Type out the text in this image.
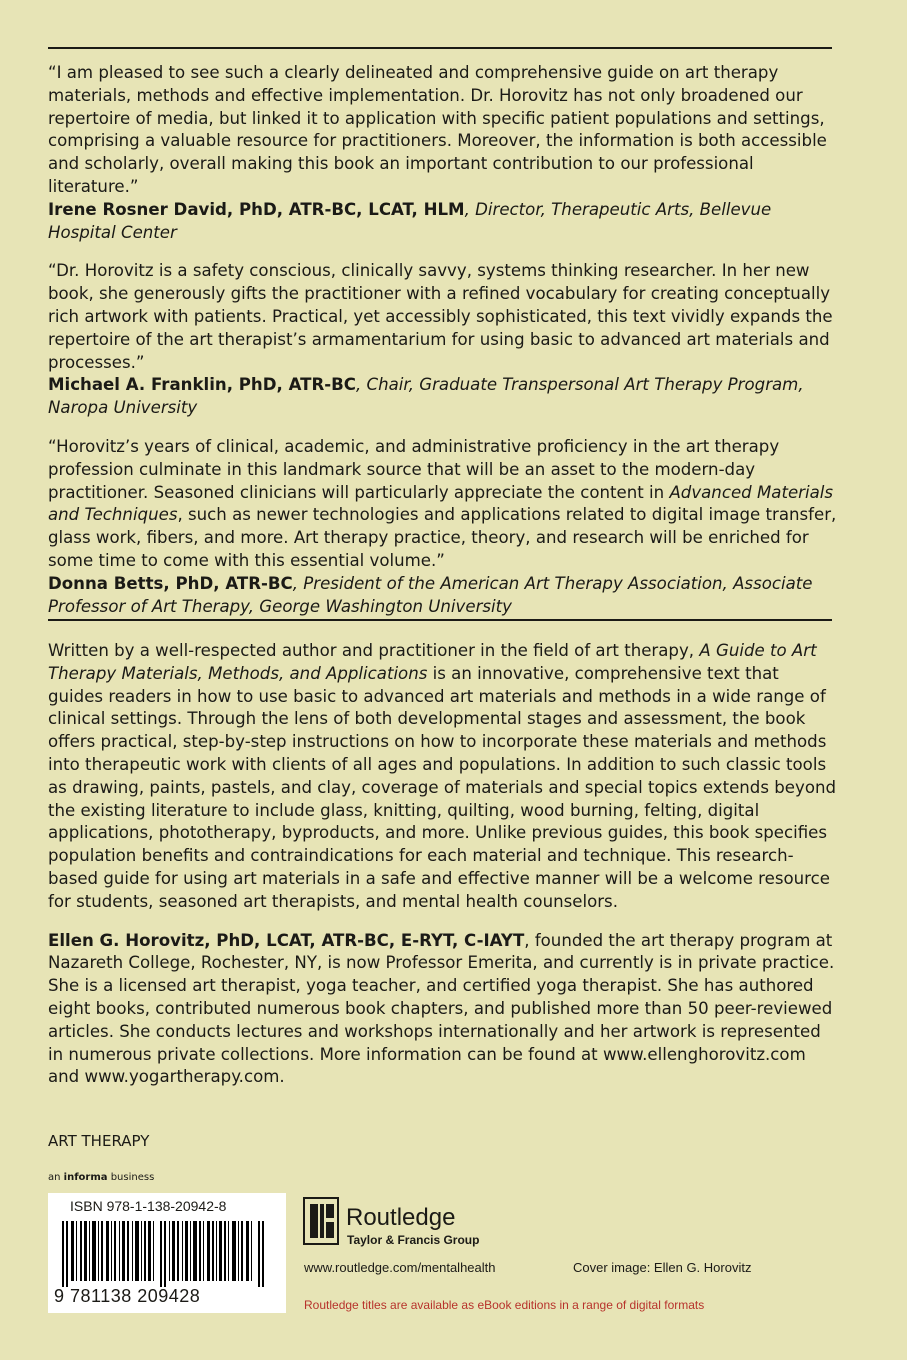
“I am pleased to see such a clearly delineated and comprehensive guide on art therapy materials, methods and effective implementation. Dr. Horovitz has not only broadened our repertoire of media, but linked it to application with specific patient populations and settings, comprising a valuable resource for practitioners. Moreover, the information is both accessible and scholarly, overall making this book an important contribution to our professional literature.”

Irene Rosner David, PhD, ATR-BC, LCAT, HLM, Director, Therapeutic Arts, Bellevue Hospital Center

“Dr. Horovitz is a safety conscious, clinically savvy, systems thinking researcher. In her new book, she generously gifts the practitioner with a refined vocabulary for creating conceptually rich artwork with patients. Practical, yet accessibly sophisticated, this text vividly expands the repertoire of the art therapist’s armamentarium for using basic to advanced art materials and processes.”

Michael A. Franklin, PhD, ATR-BC, Chair, Graduate Transpersonal Art Therapy Program, Naropa University

“Horovitz’s years of clinical, academic, and administrative proficiency in the art therapy profession culminate in this landmark source that will be an asset to the modern-day practitioner. Seasoned clinicians will particularly appreciate the content in Advanced Materials and Techniques, such as newer technologies and applications related to digital image transfer, glass work, fibers, and more. Art therapy practice, theory, and research will be enriched for some time to come with this essential volume.”

Donna Betts, PhD, ATR-BC, President of the American Art Therapy Association, Associate Professor of Art Therapy, George Washington University

Written by a well-respected author and practitioner in the field of art therapy, A Guide to Art Therapy Materials, Methods, and Applications is an innovative, comprehensive text that guides readers in how to use basic to advanced art materials and methods in a wide range of clinical settings. Through the lens of both developmental stages and assessment, the book offers practical, step-by-step instructions on how to incorporate these materials and methods into therapeutic work with clients of all ages and populations. In addition to such classic tools as drawing, paints, pastels, and clay, coverage of materials and special topics extends beyond the existing literature to include glass, knitting, quilting, wood burning, felting, digital applications, phototherapy, byproducts, and more. Unlike previous guides, this book specifies population benefits and contraindications for each material and technique. This research-based guide for using art materials in a safe and effective manner will be a welcome resource for students, seasoned art therapists, and mental health counselors.

Ellen G. Horovitz, PhD, LCAT, ATR-BC, E-RYT, C-IAYT, founded the art therapy program at Nazareth College, Rochester, NY, is now Professor Emerita, and currently is in private practice. She is a licensed art therapist, yoga teacher, and certified yoga therapist. She has authored eight books, contributed numerous book chapters, and published more than 50 peer-reviewed articles. She conducts lectures and workshops internationally and her artwork is represented in numerous private collections. More information can be found at www.ellenghorovitz.com and www.yogartherapy.com.

ART THERAPY
an informa business
ISBN 978-1-138-20942-8
9 781138 209428
Routledge
Taylor & Francis Group
www.routledge.com/mentalhealth	Cover image: Ellen G. Horovitz
Routledge titles are available as eBook editions in a range of digital formats
